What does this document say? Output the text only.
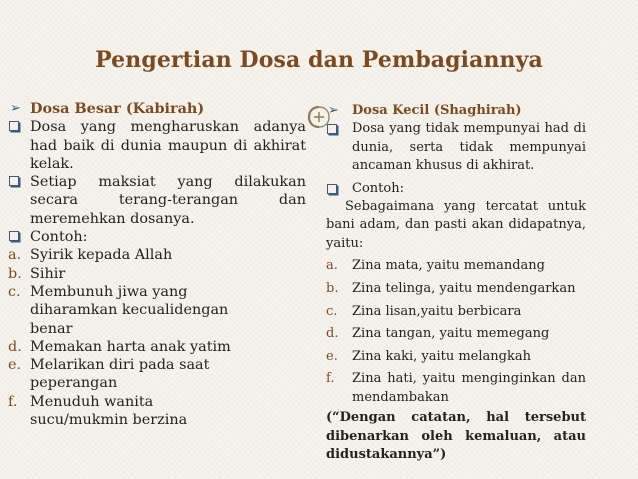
Pengertian Dosa dan Pembagiannya
➢ Dosa Besar (Kabirah)
Dosa yang mengharuskan adanya had baik di dunia maupun di akhirat kelak.
Setiap maksiat yang dilakukan secara terang-terangan dan meremehkan dosanya.
Contoh:
a. Syirik kepada Allah
b. Sihir
c. Membunuh jiwa yang diharamkan kecualidengan benar
d. Memakan harta anak yatim
e. Melarikan diri pada saat peperangan
f. Menuduh wanita sucu/mukmin berzina
➢ Dosa Kecil (Shaghirah)
Dosa yang tidak mempunyai had di dunia, serta tidak mempunyai ancaman khusus di akhirat.
Contoh:
Sebagaimana yang tercatat untuk bani adam, dan pasti akan didapatnya, yaitu:
a. Zina mata, yaitu memandang
b. Zina telinga, yaitu mendengarkan
c. Zina lisan,yaitu berbicara
d. Zina tangan, yaitu memegang
e. Zina kaki, yaitu melangkah
f. Zina hati, yaitu menginginkan dan mendambakan
(“Dengan catatan, hal tersebut dibenarkan oleh kemaluan, atau didustakannya”)
